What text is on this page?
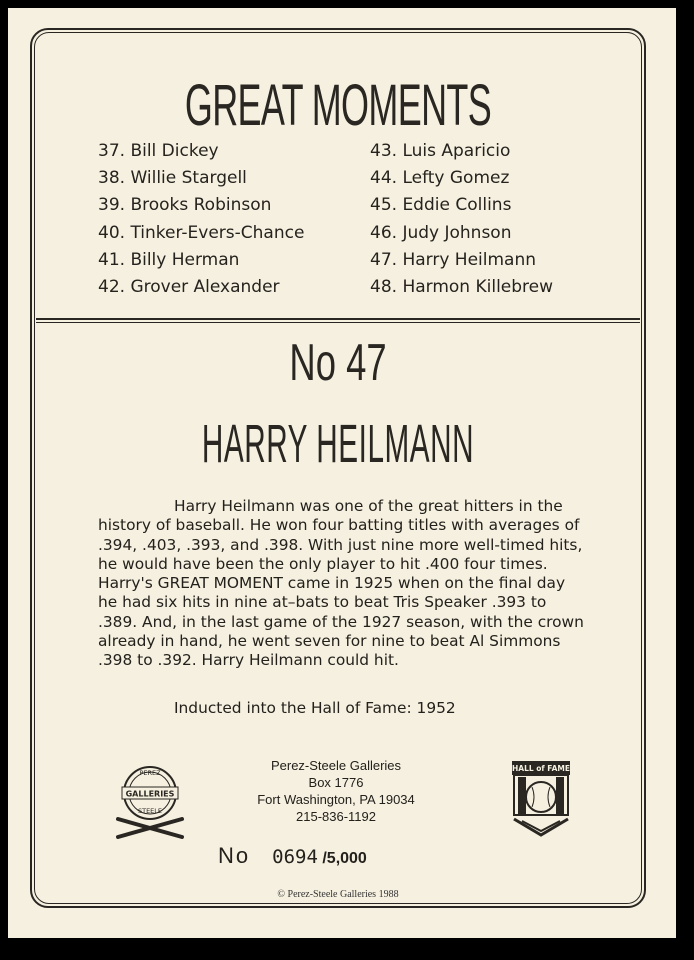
GREAT MOMENTS
37. Bill Dickey
38. Willie Stargell
39. Brooks Robinson
40. Tinker-Evers-Chance
41. Billy Herman
42. Grover Alexander
43. Luis Aparicio
44. Lefty Gomez
45. Eddie Collins
46. Judy Johnson
47. Harry Heilmann
48. Harmon Killebrew
No 47
HARRY HEILMANN
Harry Heilmann was one of the great hitters in the history of baseball. He won four batting titles with averages of .394, .403, .393, and .398. With just nine more well-timed hits, he would have been the only player to hit .400 four times. Harry's GREAT MOMENT came in 1925 when on the final day he had six hits in nine at–bats to beat Tris Speaker .393 to .389. And, in the last game of the 1927 season, with the crown already in hand, he went seven for nine to beat Al Simmons .398 to .392. Harry Heilmann could hit.
Inducted into the Hall of Fame: 1952
PEREZ
GALLERIES
STEELE
Perez-Steele Galleries
Box 1776
Fort Washington, PA 19034
215-836-1192
HALL of FAME
No 0694 /5,000
© Perez-Steele Galleries 1988
